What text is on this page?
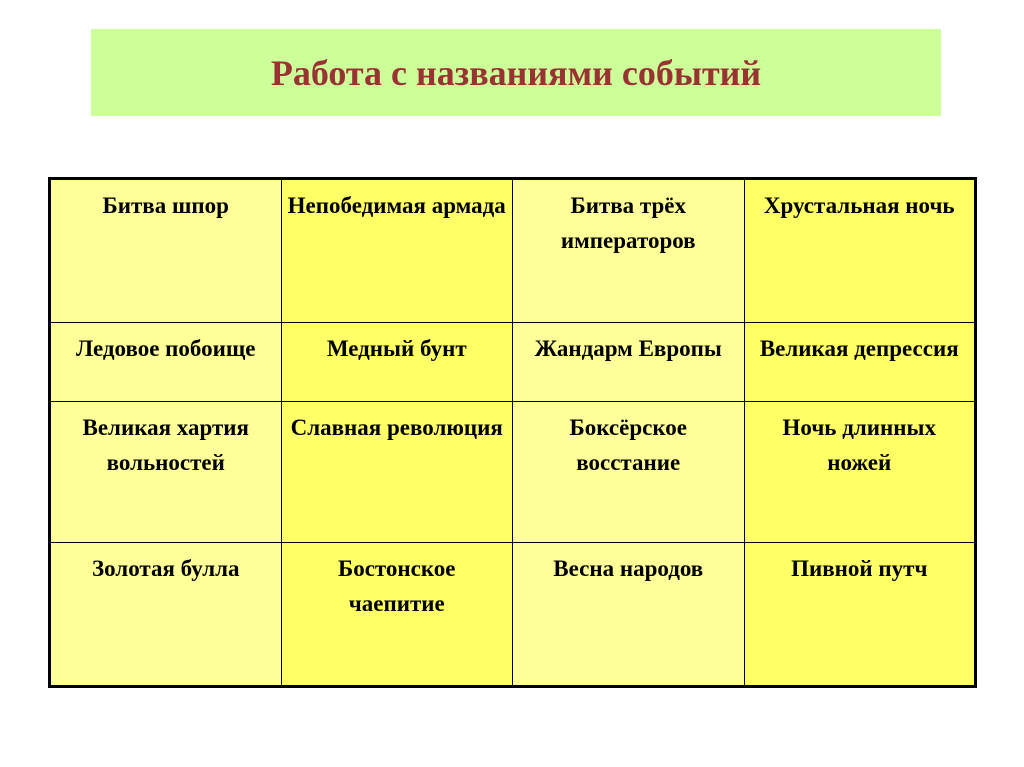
Работа с названиями событий
Битва шпор	Непобедимая армада	Битва трёх императоров	Хрустальная ночь
Ледовое побоище	Медный бунт	Жандарм Европы	Великая депрессия
Великая хартия вольностей	Славная революция	Боксёрское восстание	Ночь длинных ножей
Золотая булла	Бостонское чаепитие	Весна народов	Пивной путч
